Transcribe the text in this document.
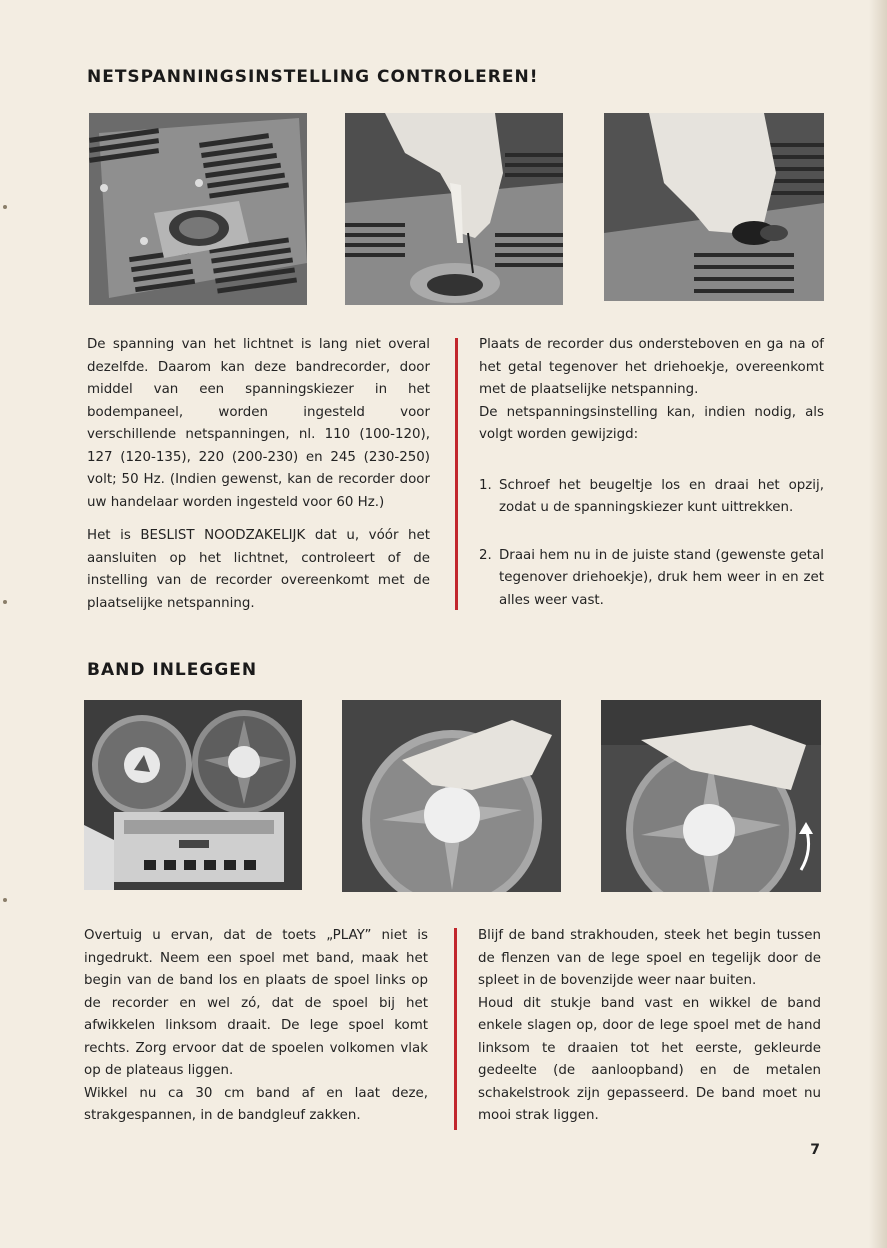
NETSPANNINGSINSTELLING CONTROLEREN!

De spanning van het lichtnet is lang niet overal dezelfde. Daarom kan deze bandrecorder, door middel van een spanningskiezer in het bodempaneel, worden ingesteld voor verschillende netspanningen, nl. 110 (100-120), 127 (120-135), 220 (200-230) en 245 (230-250) volt; 50 Hz. (Indien gewenst, kan de recorder door uw handelaar worden ingesteld voor 60 Hz.)

Het is BESLIST NOODZAKELIJK dat u, vóór het aansluiten op het lichtnet, controleert of de instelling van de recorder overeenkomt met de plaatselijke netspanning.

Plaats de recorder dus ondersteboven en ga na of het getal tegenover het driehoekje, overeenkomt met de plaatselijke netspanning.

De netspanningsinstelling kan, indien nodig, als volgt worden gewijzigd:

1. Schroef het beugeltje los en draai het opzij, zodat u de spanningskiezer kunt uittrekken.

2. Draai hem nu in de juiste stand (gewenste getal tegenover driehoekje), druk hem weer in en zet alles weer vast.

BAND INLEGGEN

Overtuig u ervan, dat de toets „PLAY” niet is ingedrukt. Neem een spoel met band, maak het begin van de band los en plaats de spoel links op de recorder en wel zó, dat de spoel bij het afwikkelen linksom draait. De lege spoel komt rechts. Zorg ervoor dat de spoelen volkomen vlak op de plateaus liggen.

Wikkel nu ca 30 cm band af en laat deze, strakgespannen, in de bandgleuf zakken.

Blijf de band strakhouden, steek het begin tussen de flenzen van de lege spoel en tegelijk door de spleet in de bovenzijde weer naar buiten.

Houd dit stukje band vast en wikkel de band enkele slagen op, door de lege spoel met de hand linksom te draaien tot het eerste, gekleurde gedeelte (de aanloopband) en de metalen schakelstrook zijn gepasseerd. De band moet nu mooi strak liggen.

7
